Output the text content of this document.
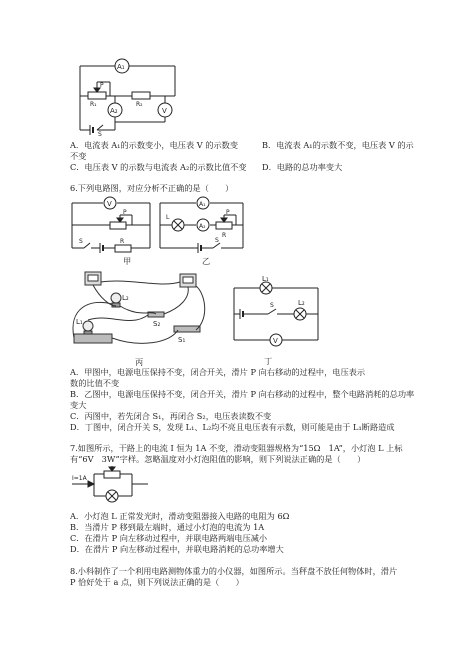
A₁
P
R₁	R₂
A₂	V
S
A．电流表 A₁的示数变小，电压表 V 的示数变	B．电流表 A₁的示数不变，电压表 V 的示
不变
C．电压表 V 的示数与电流表 A₂的示数比值不变 D．电路的总功率变大
6.下列电路图，对应分析不正确的是（　　）
V
P
S	R
甲
A₁
L
A₂
P
R
S
乙
L₂
L₁	S₂
S₁
丙
L₁
L₂
S
V
丁
A．甲图中，电源电压保持不变，闭合开关，滑片 P 向右移动的过程中，电压表示
数的比值不变
B．乙图中，电源电压保持不变，闭合开关，滑片 P 向右移动的过程中，整个电路消耗的总功率
变大
C．丙图中，若先闭合 S₁，再闭合 S₂，电压表读数不变
D．丁图中，闭合开关 S，发现 L₁、L₂均不亮且电压表有示数，则可能是由于 L₁断路造成
7.如图所示，干路上的电流 I 恒为 1A 不变，滑动变阻器规格为“15Ω　1A”，小灯泡 L 上标
有“6V　3W”字样。忽略温度对小灯泡阻值的影响，则下列说法正确的是（　　）
I=1A
A．小灯泡 L 正常发光时，滑动变阻器接入电路的电阻为 6Ω
B．当滑片 P 移到最左端时，通过小灯泡的电流为 1A
C．在滑片 P 向左移动过程中，并联电路两端电压减小
D．在滑片 P 向左移动过程中，并联电路消耗的总功率增大
8.小科制作了一个利用电路测物体重力的小仪器，如图所示。当秤盘不放任何物体时，滑片
P 恰好处于 a 点，则下列说法正确的是（　　）
